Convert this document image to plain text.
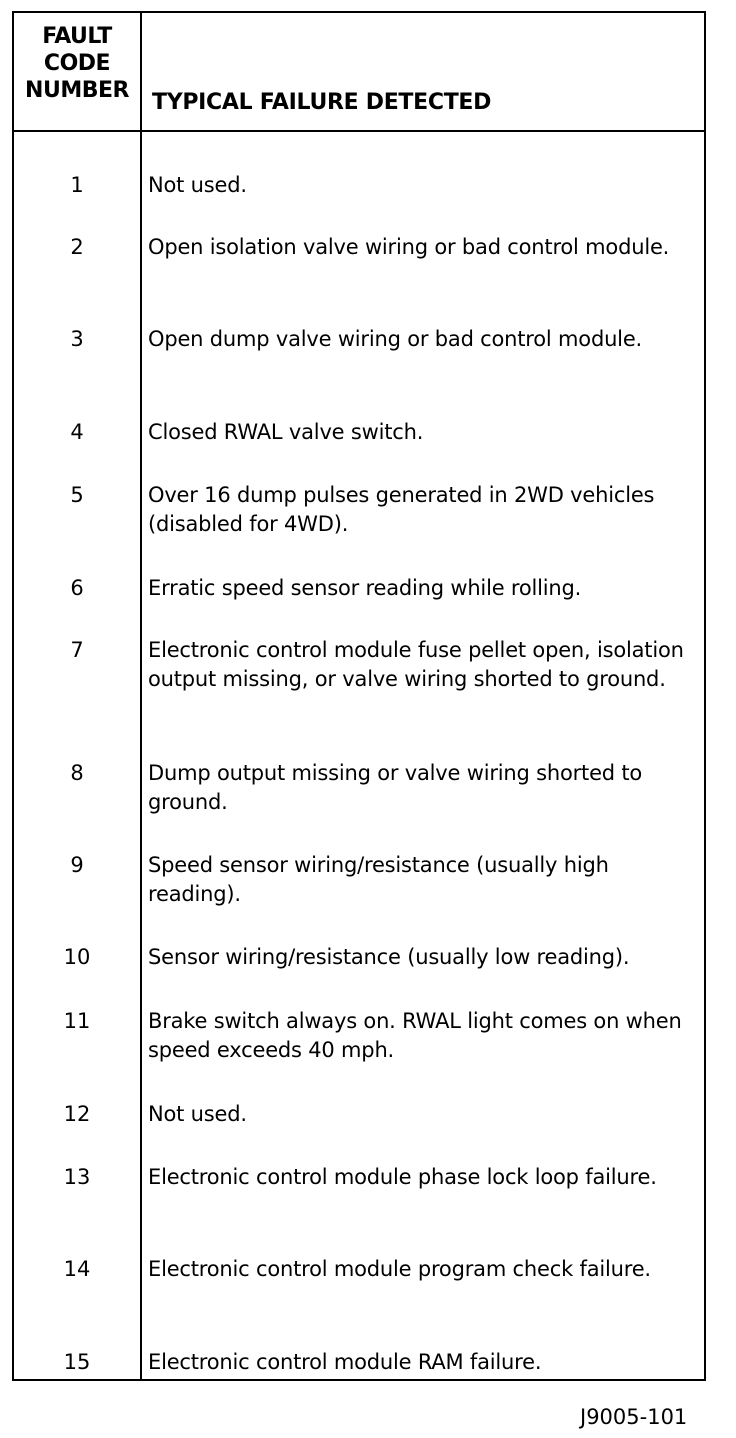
FAULT
CODE
NUMBER	TYPICAL FAILURE DETECTED
1	Not used.
2	Open isolation valve wiring or bad control module.
3	Open dump valve wiring or bad control module.
4	Closed RWAL valve switch.
5	Over 16 dump pulses generated in 2WD vehicles (disabled for 4WD).
6	Erratic speed sensor reading while rolling.
7	Electronic control module fuse pellet open, isolation output missing, or valve wiring shorted to ground.
8	Dump output missing or valve wiring shorted to ground.
9	Speed sensor wiring/resistance (usually high reading).
10	Sensor wiring/resistance (usually low reading).
11	Brake switch always on. RWAL light comes on when speed exceeds 40 mph.
12	Not used.
13	Electronic control module phase lock loop failure.
14	Electronic control module program check failure.
15	Electronic control module RAM failure.
J9005-101
